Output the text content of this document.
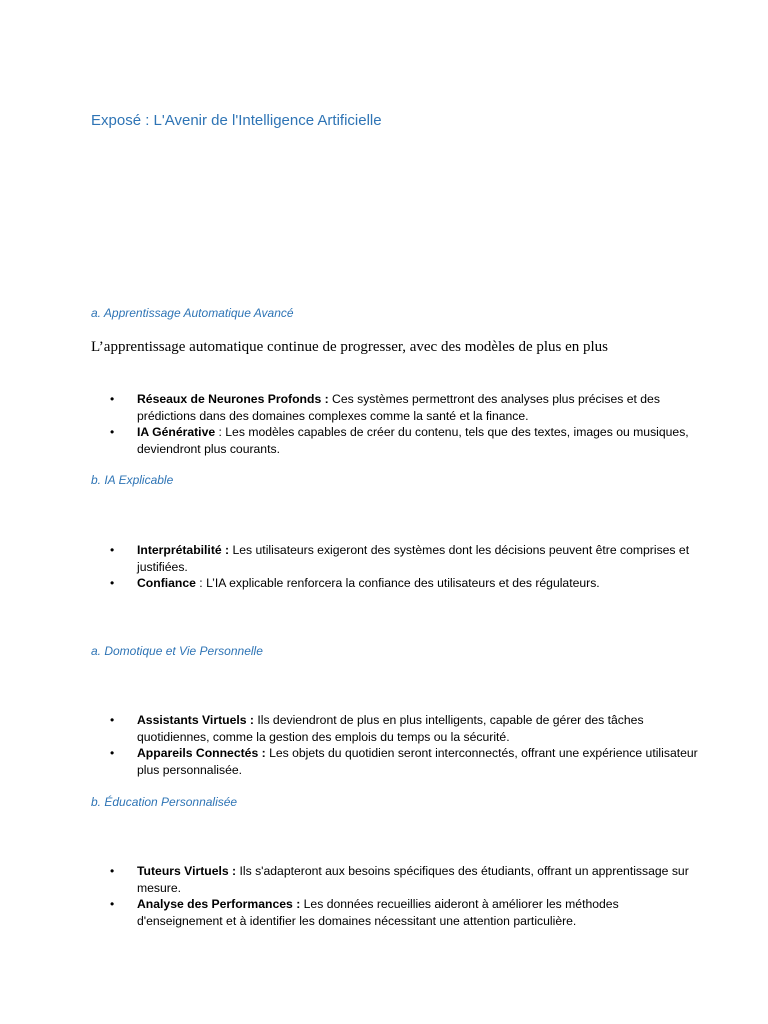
Exposé : L'Avenir de l'Intelligence Artificielle
a. Apprentissage Automatique Avancé
L’apprentissage automatique continue de progresser, avec des modèles de plus en plus
• Réseaux de Neurones Profonds : Ces systèmes permettront des analyses plus précises et des prédictions dans des domaines complexes comme la santé et la finance.
• IA Générative : Les modèles capables de créer du contenu, tels que des textes, images ou musiques, deviendront plus courants.
b. IA Explicable
• Interprétabilité : Les utilisateurs exigeront des systèmes dont les décisions peuvent être comprises et justifiées.
• Confiance : L’IA explicable renforcera la confiance des utilisateurs et des régulateurs.
a. Domotique et Vie Personnelle
• Assistants Virtuels : Ils deviendront de plus en plus intelligents, capable de gérer des tâches quotidiennes, comme la gestion des emplois du temps ou la sécurité.
• Appareils Connectés : Les objets du quotidien seront interconnectés, offrant une expérience utilisateur plus personnalisée.
b. Éducation Personnalisée
• Tuteurs Virtuels : Ils s'adapteront aux besoins spécifiques des étudiants, offrant un apprentissage sur mesure.
• Analyse des Performances : Les données recueillies aideront à améliorer les méthodes d'enseignement et à identifier les domaines nécessitant une attention particulière.
